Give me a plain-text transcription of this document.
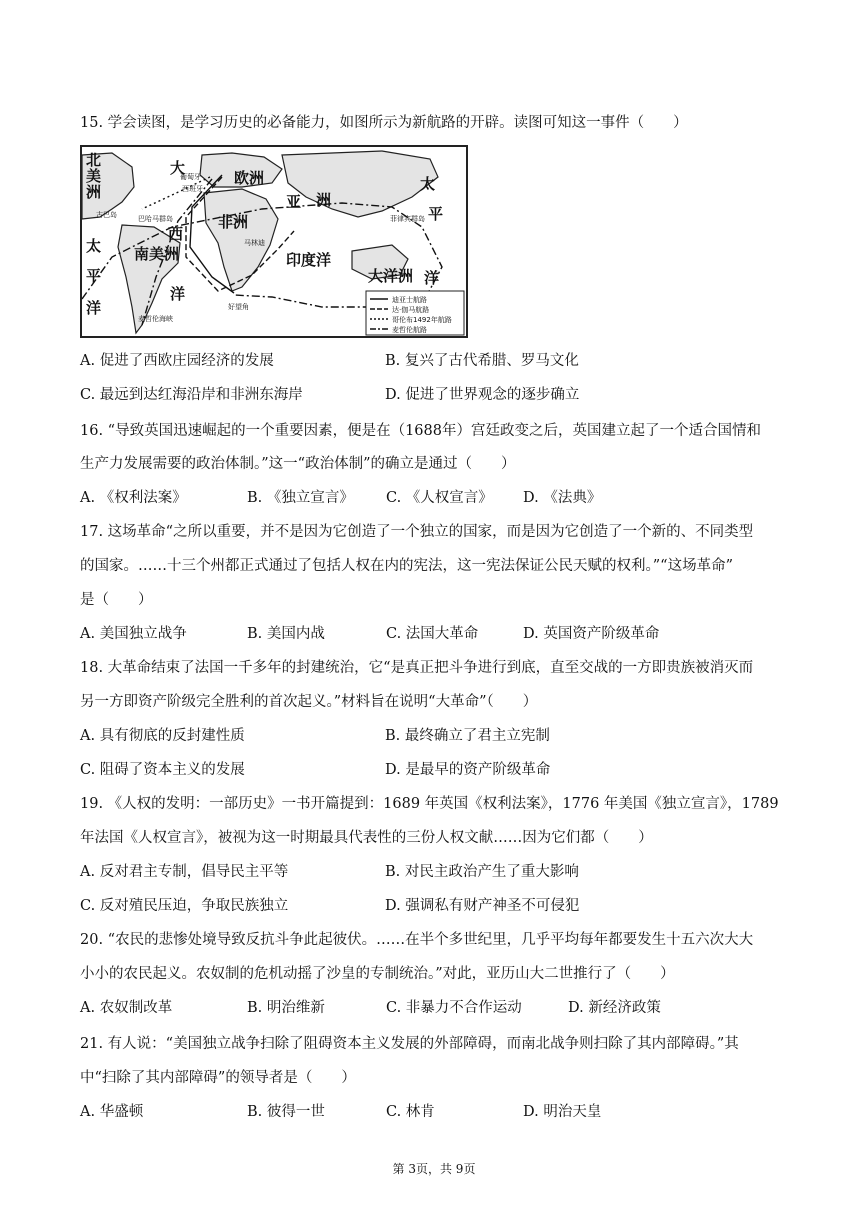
15. 学会读图，是学习历史的必备能力，如图所示为新航路的开辟。读图可知这一事件（　　）
北
美
洲
大
欧洲
亚 洲
太
平
洋
非洲
西
洋
南美洲	印度洋
大洋洲
太
平
洋
葡萄牙
西班牙
古巴岛	巴哈马群岛	菲律宾群岛
马林迪
好望角
麦哲伦海峡
迪亚士航路
达·伽马航路
哥伦布1492年航路
麦哲伦航路
A. 促进了西欧庄园经济的发展	B. 复兴了古代希腊、罗马文化
C. 最远到达红海沿岸和非洲东海岸	D. 促进了世界观念的逐步确立
16. “导致英国迅速崛起的一个重要因素，便是在（1688年）宫廷政变之后，英国建立起了一个适合国情和
生产力发展需要的政治体制。”这一“政治体制”的确立是通过（　　）
A. 《权利法案》	B. 《独立宣言》 C. 《人权宣言》 D. 《法典》
17. 这场革命“之所以重要，并不是因为它创造了一个独立的国家，而是因为它创造了一个新的、不同类型
的国家。……十三个州都正式通过了包括人权在内的宪法，这一宪法保证公民天赋的权利。”“这场革命”
是（　　）
A. 美国独立战争	B. 美国内战	C. 法国大革命	D. 英国资产阶级革命
18. 大革命结束了法国一千多年的封建统治，它“是真正把斗争进行到底，直至交战的一方即贵族被消灭而
另一方即资产阶级完全胜利的首次起义。”材料旨在说明“大革命”（　　）
A. 具有彻底的反封建性质	B. 最终确立了君主立宪制
C. 阻碍了资本主义的发展	D. 是最早的资产阶级革命
19. 《人权的发明：一部历史》一书开篇提到：1689 年英国《权利法案》，1776 年美国《独立宣言》，1789
年法国《人权宣言》，被视为这一时期最具代表性的三份人权文献……因为它们都（　　）
A. 反对君主专制，倡导民主平等	B. 对民主政治产生了重大影响
C. 反对殖民压迫，争取民族独立	D. 强调私有财产神圣不可侵犯
20. “农民的悲惨处境导致反抗斗争此起彼伏。……在半个多世纪里，几乎平均每年都要发生十五六次大大
小小的农民起义。农奴制的危机动摇了沙皇的专制统治。”对此，亚历山大二世推行了（　　）
A. 农奴制改革	B. 明治维新	C. 非暴力不合作运动	D. 新经济政策
21. 有人说：“美国独立战争扫除了阻碍资本主义发展的外部障碍，而南北战争则扫除了其内部障碍。”其
中“扫除了其内部障碍”的领导者是（　　）
A. 华盛顿	B. 彼得一世	C. 林肯	D. 明治天皇
第 3页，共 9页
